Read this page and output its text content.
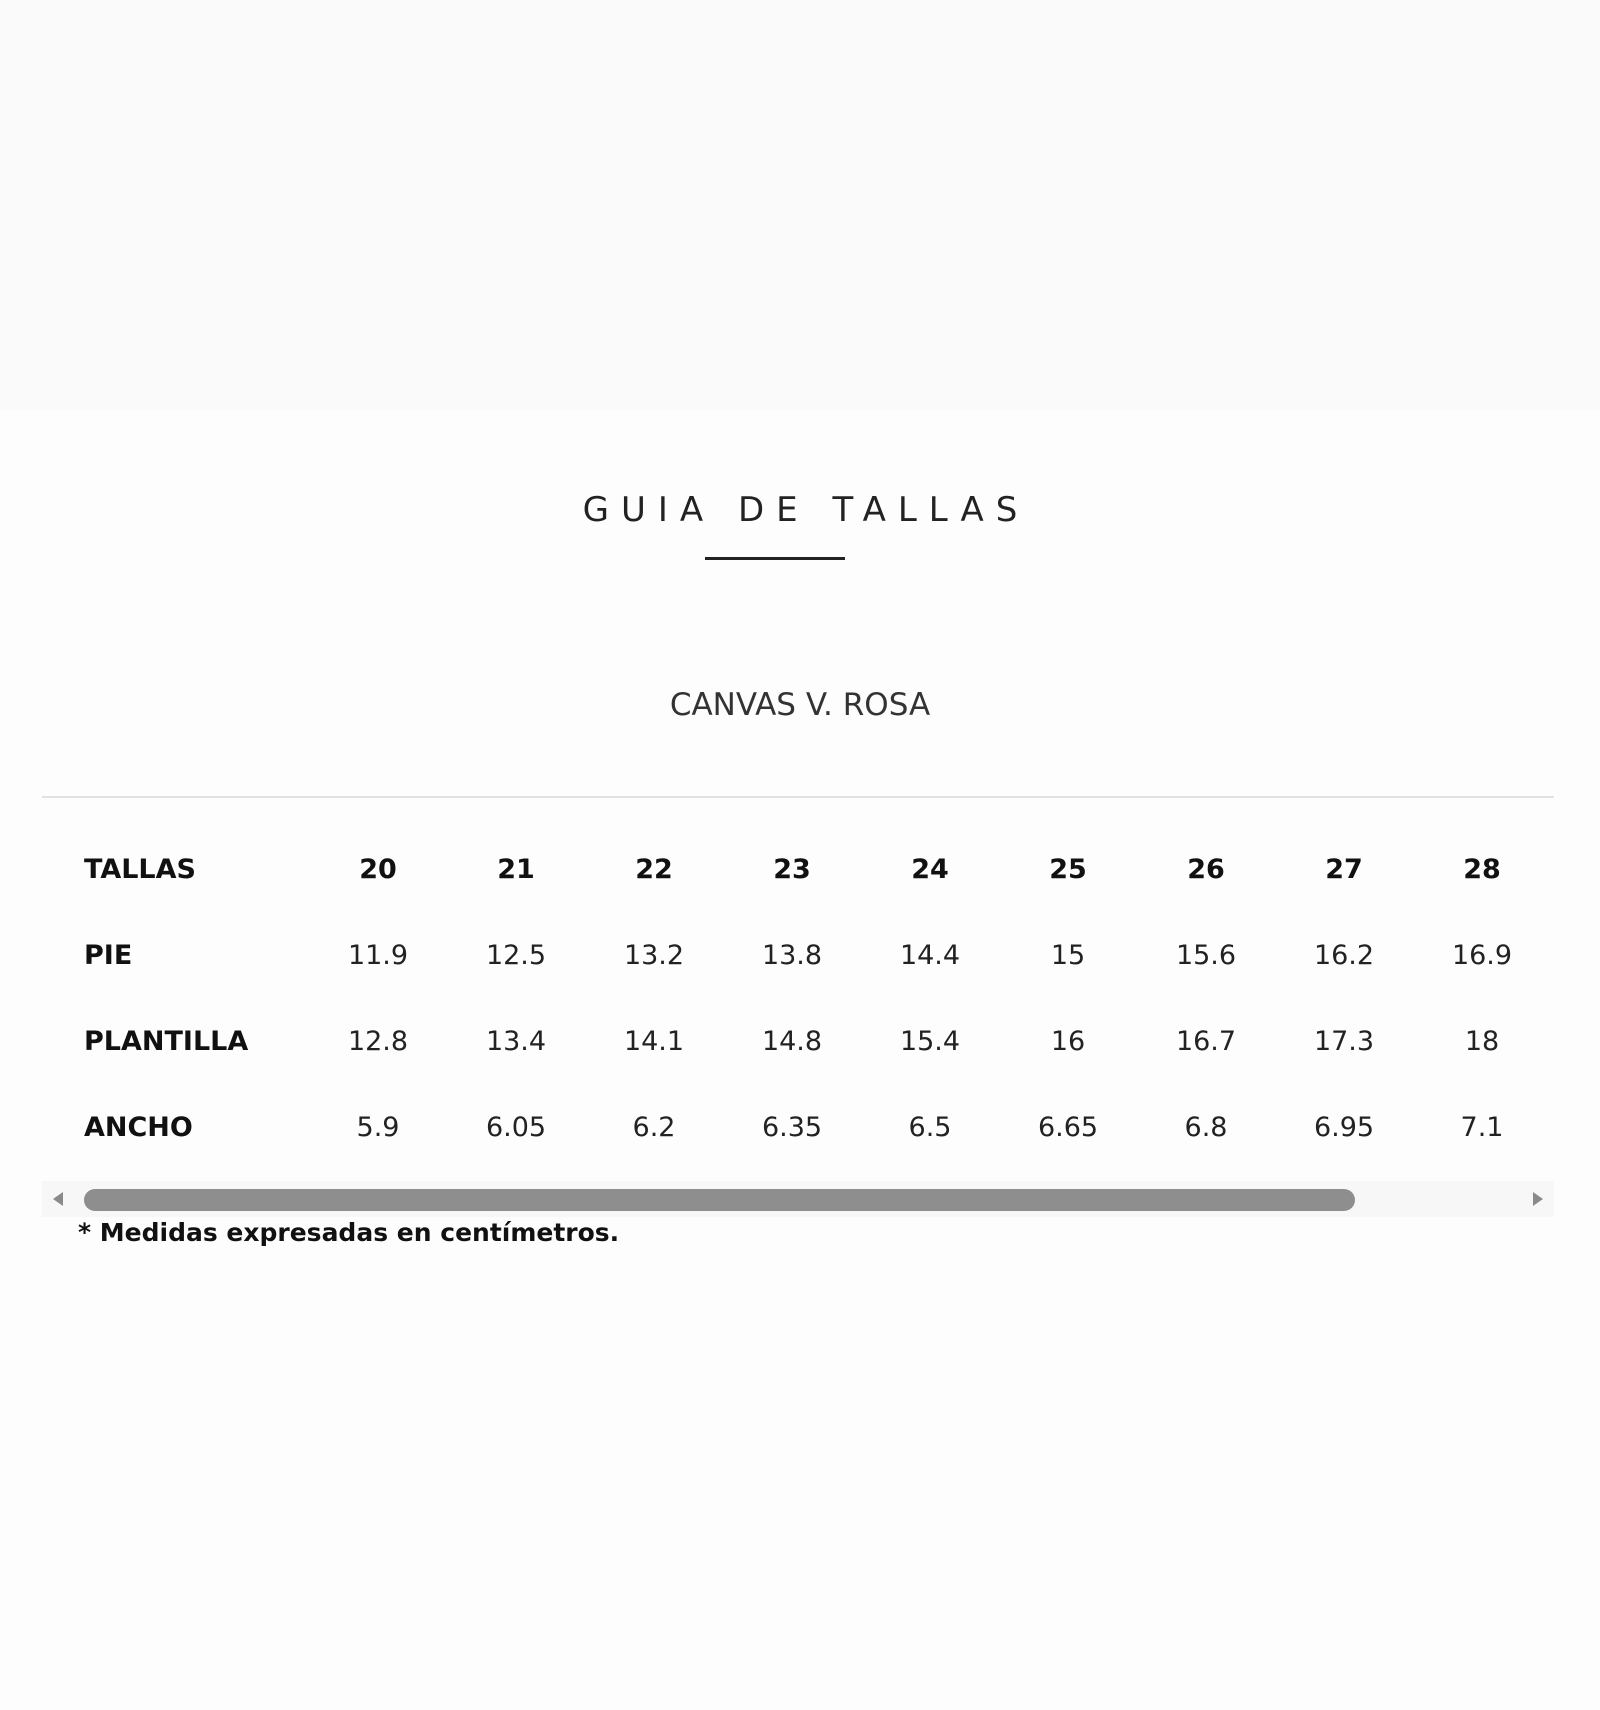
GUIA DE TALLAS
CANVAS V. ROSA
TALLAS	20	21	22	23	24	25	26	27	28
PIE	11.9	12.5	13.2	13.8	14.4	15	15.6	16.2	16.9
PLANTILLA	12.8	13.4	14.1	14.8	15.4	16	16.7	17.3	18
ANCHO	5.9	6.05	6.2	6.35	6.5	6.65	6.8	6.95	7.1
* Medidas expresadas en centímetros.
